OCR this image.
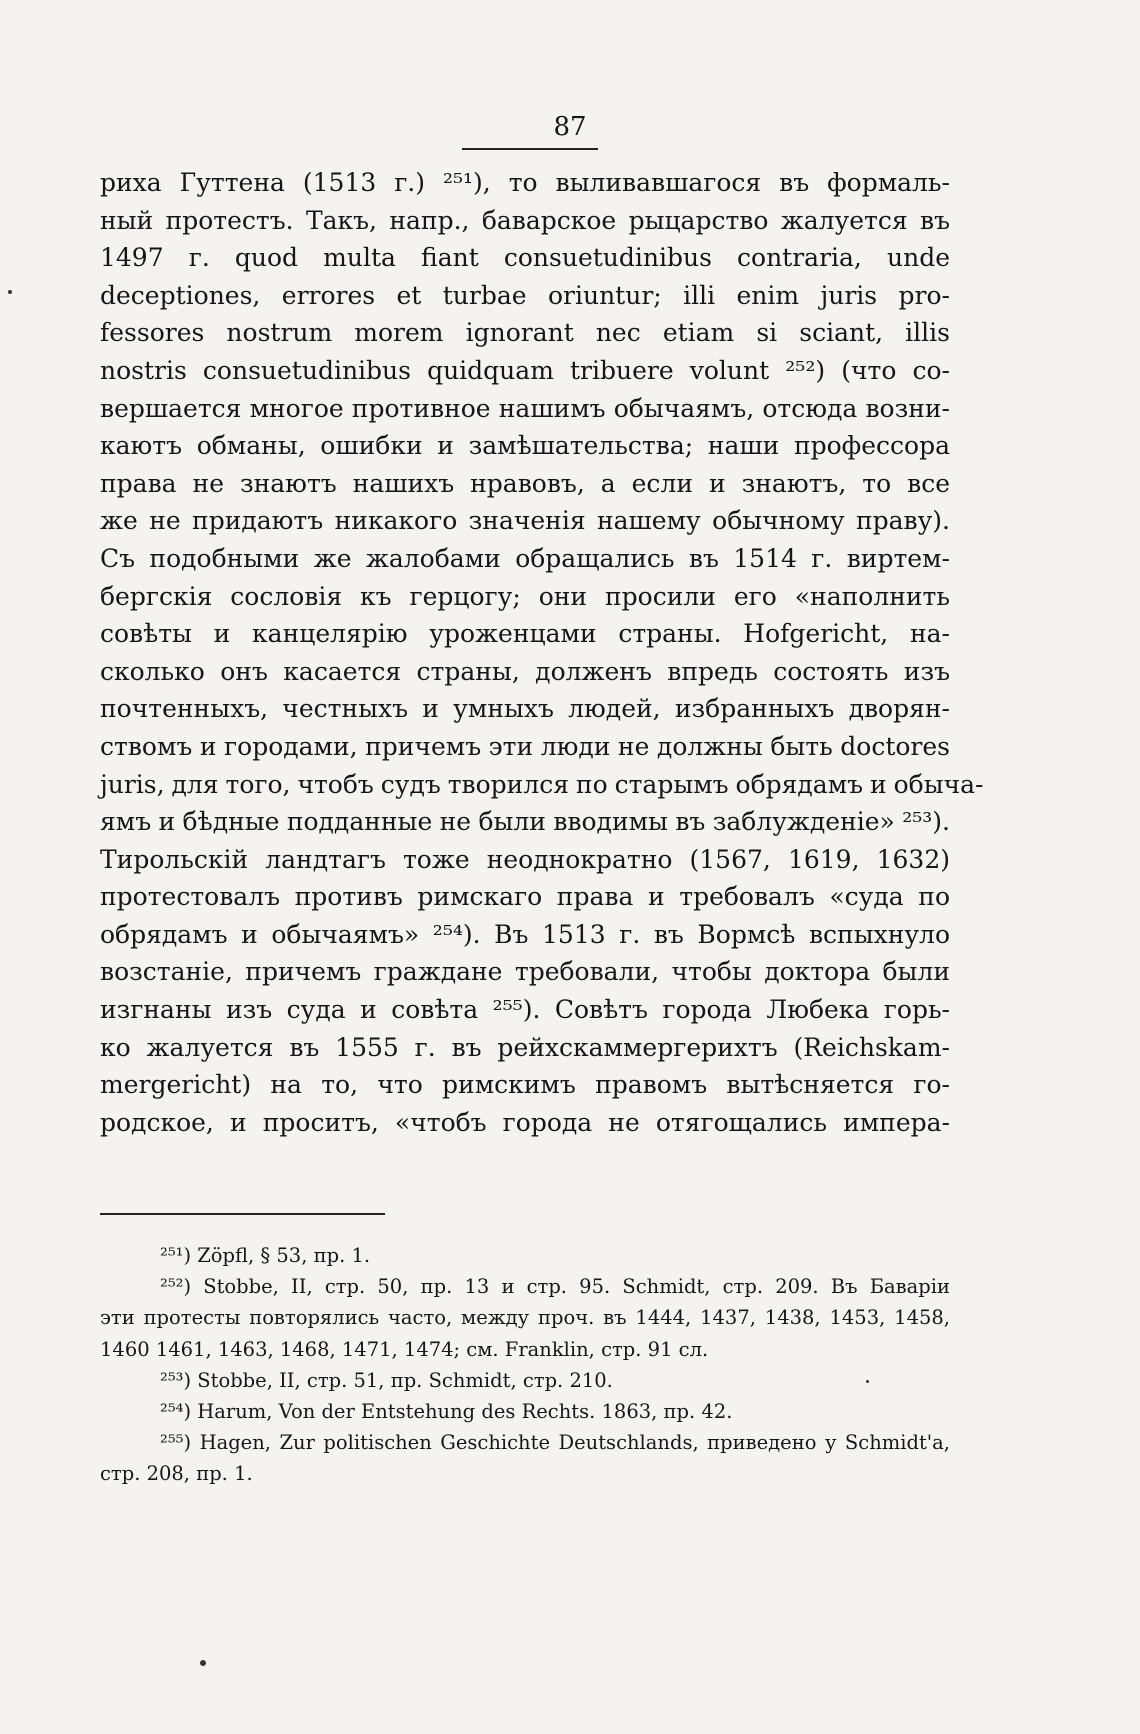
87
риха Гуттена (1513 г.) ²⁵¹), то выливавшагося въ формаль-
ный протестъ. Такъ, напр., баварское рыцарство жалуется въ
1497 г. quod multa fiant consuetudinibus contraria, unde
deceptiones, errores et turbae oriuntur; illi enim juris pro-
fessores nostrum morem ignorant nec etiam si sciant, illis
nostris consuetudinibus quidquam tribuere volunt ²⁵²) (что со-
вершается многое противное нашимъ обычаямъ, отсюда возни-
каютъ обманы, ошибки и замѣшательства; наши профессора
права не знаютъ нашихъ нравовъ, а если и знаютъ, то все
же не придаютъ никакого значенія нашему обычному праву).
Съ подобными же жалобами обращались въ 1514 г. виртем-
бергскія сословія къ герцогу; они просили его «наполнить
совѣты и канцелярію уроженцами страны. Hofgericht, на-
сколько онъ касается страны, долженъ впредь состоять изъ
почтенныхъ, честныхъ и умныхъ людей, избранныхъ дворян-
ствомъ и городами, причемъ эти люди не должны быть doctores
juris, для того, чтобъ судъ творился по старымъ обрядамъ и обыча-
ямъ и бѣдные подданные не были вводимы въ заблужденіе» ²⁵³).
Тирольскій ландтагъ тоже неоднократно (1567, 1619, 1632)
протестовалъ противъ римскаго права и требовалъ «суда по
обрядамъ и обычаямъ» ²⁵⁴). Въ 1513 г. въ Вормсѣ вспыхнуло
возстаніе, причемъ граждане требовали, чтобы доктора были
изгнаны изъ суда и совѣта ²⁵⁵). Совѣтъ города Любека горь-
ко жалуется въ 1555 г. въ рейхскаммергерихтъ (Reichskam-
mergericht) на то, что римскимъ правомъ вытѣсняется го-
родское, и проситъ, «чтобъ города не отягощались импера-
²⁵¹) Zöpfl, § 53, пр. 1.
²⁵²) Stobbe, II, стр. 50, пр. 13 и стр. 95. Schmidt, стр. 209. Въ Баваріи
эти протесты повторялись часто, между проч. въ 1444, 1437, 1438, 1453, 1458,
1460 1461, 1463, 1468, 1471, 1474; см. Franklin, стр. 91 сл.
²⁵³) Stobbe, II, стр. 51, пр. Schmidt, стр. 210.
²⁵⁴) Harum, Von der Entstehung des Rechts. 1863, пр. 42.
²⁵⁵) Hagen, Zur politischen Geschichte Deutschlands, приведено у Schmidt'a,
стр. 208, пр. 1.
